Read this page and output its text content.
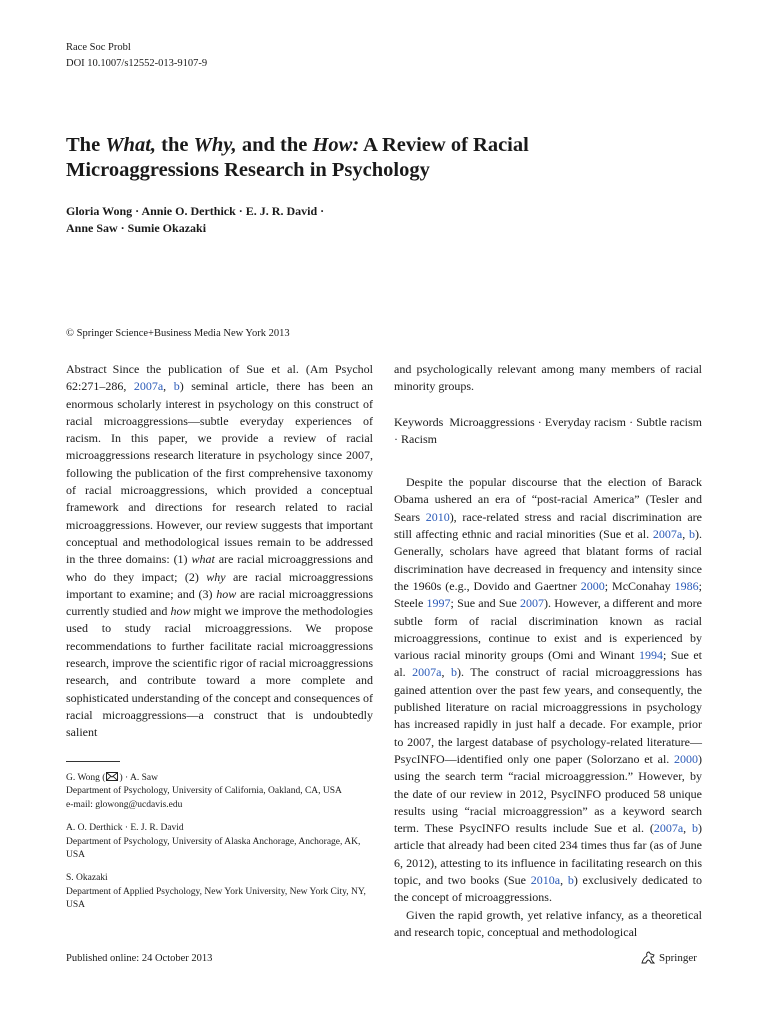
Race Soc Probl
DOI 10.1007/s12552-013-9107-9
The What, the Why, and the How: A Review of Racial
Microaggressions Research in Psychology
Gloria Wong · Annie O. Derthick · E. J. R. David ·
Anne Saw · Sumie Okazaki
© Springer Science+Business Media New York 2013
Abstract Since the publication of Sue et al. (Am Psychol 62:271–286, 2007a, b) seminal article, there has been an enormous scholarly interest in psychology on this construct of racial microaggressions—subtle everyday experiences of racism. In this paper, we provide a review of racial microaggressions research literature in psychology since 2007, following the publication of the first comprehensive taxonomy of racial microaggressions, which provided a conceptual framework and directions for research related to racial microaggressions. However, our review suggests that important conceptual and methodological issues remain to be addressed in the three domains: (1) what are racial microaggressions and who do they impact; (2) why are racial microaggressions important to examine; and (3) how are racial microaggressions currently studied and how might we improve the methodologies used to study racial microaggressions. We propose recommendations to further facilitate racial microaggressions research, improve the scientific rigor of racial microaggressions research, and contribute toward a more complete and sophisticated understanding of the concept and consequences of racial microaggressions—a construct that is undoubtedly salient
G. Wong ( ) · A. Saw
Department of Psychology, University of California, Oakland, CA, USA
e-mail: glowong@ucdavis.edu
A. O. Derthick · E. J. R. David
Department of Psychology, University of Alaska Anchorage, Anchorage, AK, USA
S. Okazaki
Department of Applied Psychology, New York University, New York City, NY, USA
and psychologically relevant among many members of racial minority groups.
Keywords Microaggressions · Everyday racism · Subtle racism · Racism
Despite the popular discourse that the election of Barack Obama ushered an era of “post-racial America” (Tesler and Sears 2010), race-related stress and racial discrimination are still affecting ethnic and racial minorities (Sue et al. 2007a, b). Generally, scholars have agreed that blatant forms of racial discrimination have decreased in frequency and intensity since the 1960s (e.g., Dovido and Gaertner 2000; McConahay 1986; Steele 1997; Sue and Sue 2007). However, a different and more subtle form of racial discrimination known as racial microaggressions, continue to exist and is experienced by various racial minority groups (Omi and Winant 1994; Sue et al. 2007a, b). The construct of racial microaggressions has gained attention over the past few years, and consequently, the published literature on racial microaggressions in psychology has increased rapidly in just half a decade. For example, prior to 2007, the largest database of psychology-related literature—PsycINFO—identified only one paper (Solorzano et al. 2000) using the search term “racial microaggression.” However, by the date of our review in 2012, PsycINFO produced 58 unique results using “racial microaggression” as a keyword search term. These PsycINFO results include Sue et al. (2007a, b) article that already had been cited 234 times thus far (as of June 6, 2012), attesting to its influence in facilitating research on this topic, and two books (Sue 2010a, b) exclusively dedicated to the concept of microaggressions.
Given the rapid growth, yet relative infancy, as a theoretical and research topic, conceptual and methodological
Published online: 24 October 2013	Springer
